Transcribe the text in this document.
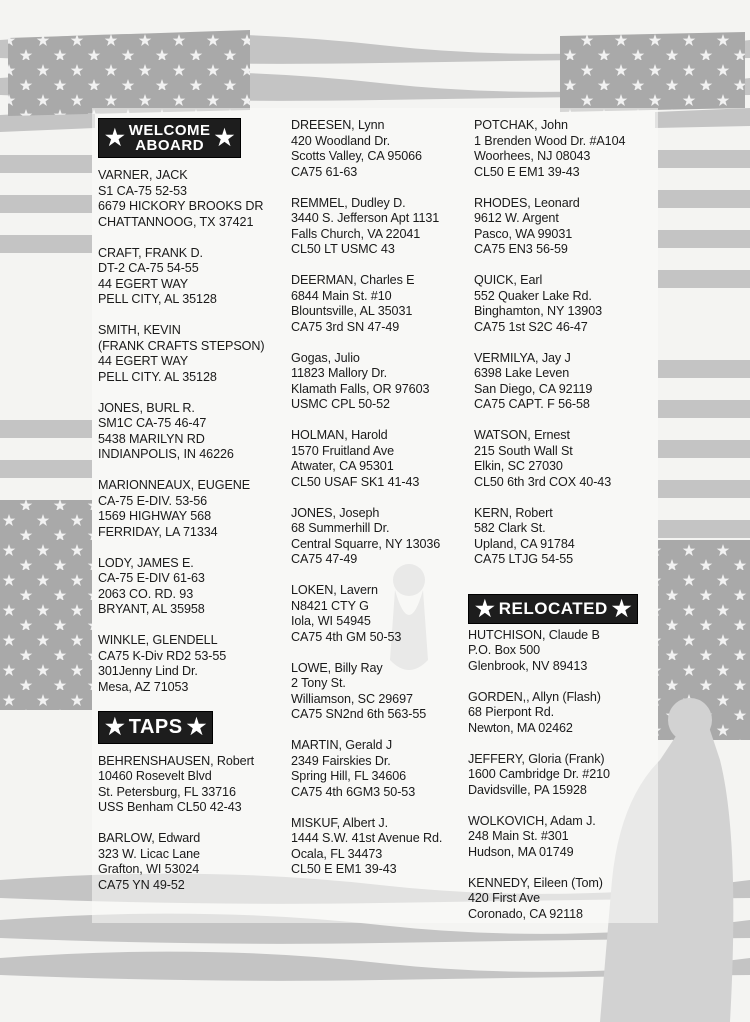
★ WELCOME
ABOARD ★
VARNER, JACK
S1 CA-75 52-53
6679 HICKORY BROOKS DR
CHATTANNOOG, TX 37421
CRAFT, FRANK D.
DT-2 CA-75 54-55
44 EGERT WAY
PELL CITY, AL 35128
SMITH, KEVIN
(FRANK CRAFTS STEPSON)
44 EGERT WAY
PELL CITY. AL 35128
JONES, BURL R.
SM1C CA-75 46-47
5438 MARILYN RD
INDIANPOLIS, IN 46226
MARIONNEAUX, EUGENE
CA-75 E-DIV. 53-56
1569 HIGHWAY 568
FERRIDAY, LA 71334
LODY, JAMES E.
CA-75 E-DIV 61-63
2063 CO. RD. 93
BRYANT, AL 35958
WINKLE, GLENDELL
CA75 K-Div RD2 53-55
301Jenny Lind Dr.
Mesa, AZ 71053
★ TAPS ★
BEHRENSHAUSEN, Robert
10460 Rosevelt Blvd
St. Petersburg, FL 33716
USS Benham CL50 42-43
BARLOW, Edward
323 W. Licac Lane
Grafton, WI 53024
CA75 YN 49-52
DREESEN, Lynn
420 Woodland Dr.
Scotts Valley, CA 95066
CA75 61-63
REMMEL, Dudley D.
3440 S. Jefferson Apt 1131
Falls Church, VA 22041
CL50 LT USMC 43
DEERMAN, Charles E
6844 Main St. #10
Blountsville, AL 35031
CA75 3rd SN 47-49
Gogas, Julio
11823 Mallory Dr.
Klamath Falls, OR 97603
USMC CPL 50-52
HOLMAN, Harold
1570 Fruitland Ave
Atwater, CA 95301
CL50 USAF SK1 41-43
JONES, Joseph
68 Summerhill Dr.
Central Squarre, NY 13036
CA75 47-49
LOKEN, Lavern
N8421 CTY G
Iola, WI 54945
CA75 4th GM 50-53
LOWE, Billy Ray
2 Tony St.
Williamson, SC 29697
CA75 SN2nd 6th 563-55
MARTIN, Gerald J
2349 Fairskies Dr.
Spring Hill, FL 34606
CA75 4th 6GM3 50-53
MISKUF, Albert J.
1444 S.W. 41st Avenue Rd.
Ocala, FL 34473
CL50 E EM1 39-43
POTCHAK, John
1 Brenden Wood Dr. #A104
Woorhees, NJ 08043
CL50 E EM1 39-43
RHODES, Leonard
9612 W. Argent
Pasco, WA 99031
CA75 EN3 56-59
QUICK, Earl
552 Quaker Lake Rd.
Binghamton, NY 13903
CA75 1st S2C 46-47
VERMILYA, Jay J
6398 Lake Leven
San Diego, CA 92119
CA75 CAPT. F 56-58
WATSON, Ernest
215 South Wall St
Elkin, SC 27030
CL50 6th 3rd COX 40-43
KERN, Robert
582 Clark St.
Upland, CA 91784
CA75 LTJG 54-55
★ RELOCATED ★
HUTCHISON, Claude B
P.O. Box 500
Glenbrook, NV 89413
GORDEN,, Allyn (Flash)
68 Pierpont Rd.
Newton, MA 02462
JEFFERY, Gloria (Frank)
1600 Cambridge Dr. #210
Davidsville, PA 15928
WOLKOVICH, Adam J.
248 Main St. #301
Hudson, MA 01749
KENNEDY, Eileen (Tom)
420 First Ave
Coronado, CA 92118
